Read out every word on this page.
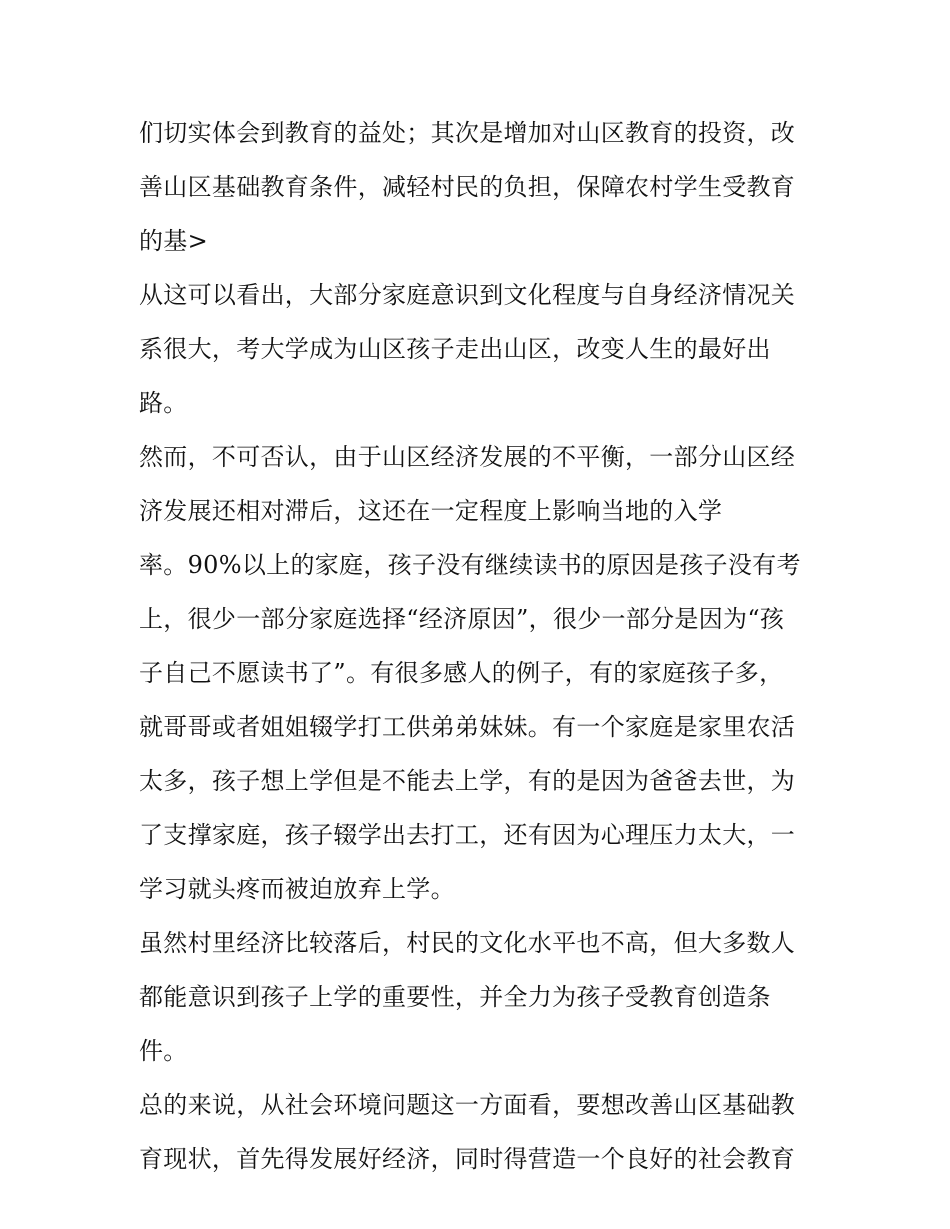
们切实体会到教育的益处；其次是增加对山区教育的投资，改
善山区基础教育条件，减轻村民的负担，保障农村学生受教育
的基>
从这可以看出，大部分家庭意识到文化程度与自身经济情况关
系很大，考大学成为山区孩子走出山区，改变人生的最好出
路。
然而，不可否认，由于山区经济发展的不平衡，一部分山区经
济发展还相对滞后，这还在一定程度上影响当地的入学
率。90%以上的家庭，孩子没有继续读书的原因是孩子没有考
上，很少一部分家庭选择“经济原因”，很少一部分是因为“孩
子自己不愿读书了”。有很多感人的例子，有的家庭孩子多，
就哥哥或者姐姐辍学打工供弟弟妹妹。有一个家庭是家里农活
太多，孩子想上学但是不能去上学，有的是因为爸爸去世，为
了支撑家庭，孩子辍学出去打工，还有因为心理压力太大，一
学习就头疼而被迫放弃上学。
虽然村里经济比较落后，村民的文化水平也不高，但大多数人
都能意识到孩子上学的重要性，并全力为孩子受教育创造条
件。
总的来说，从社会环境问题这一方面看，要想改善山区基础教
育现状，首先得发展好经济，同时得营造一个良好的社会教育
